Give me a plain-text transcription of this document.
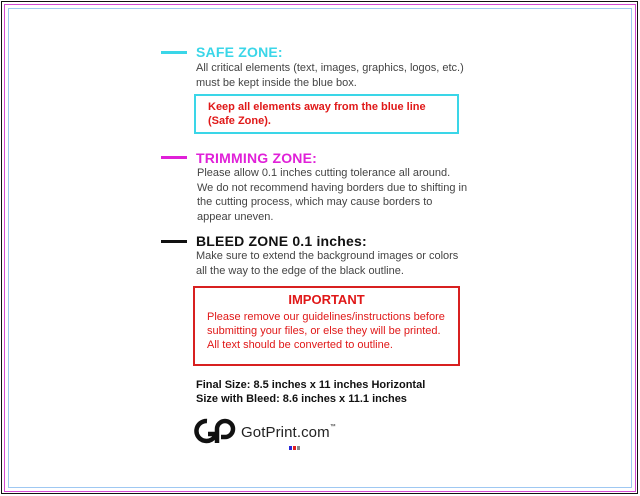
SAFE ZONE:
All critical elements (text, images, graphics, logos, etc.)
must be kept inside the blue box.
Keep all elements away from the blue line
(Safe Zone).
TRIMMING ZONE:
Please allow 0.1 inches cutting tolerance all around.
We do not recommend having borders due to shifting in
the cutting process, which may cause borders to
appear uneven.
BLEED ZONE 0.1 inches:
Make sure to extend the background images or colors
all the way to the edge of the black outline.
IMPORTANT
Please remove our guidelines/instructions before
submitting your files, or else they will be printed.
All text should be converted to outline.
Final Size: 8.5 inches x 11 inches Horizontal
Size with Bleed: 8.6 inches x 11.1 inches
GotPrint.com™
